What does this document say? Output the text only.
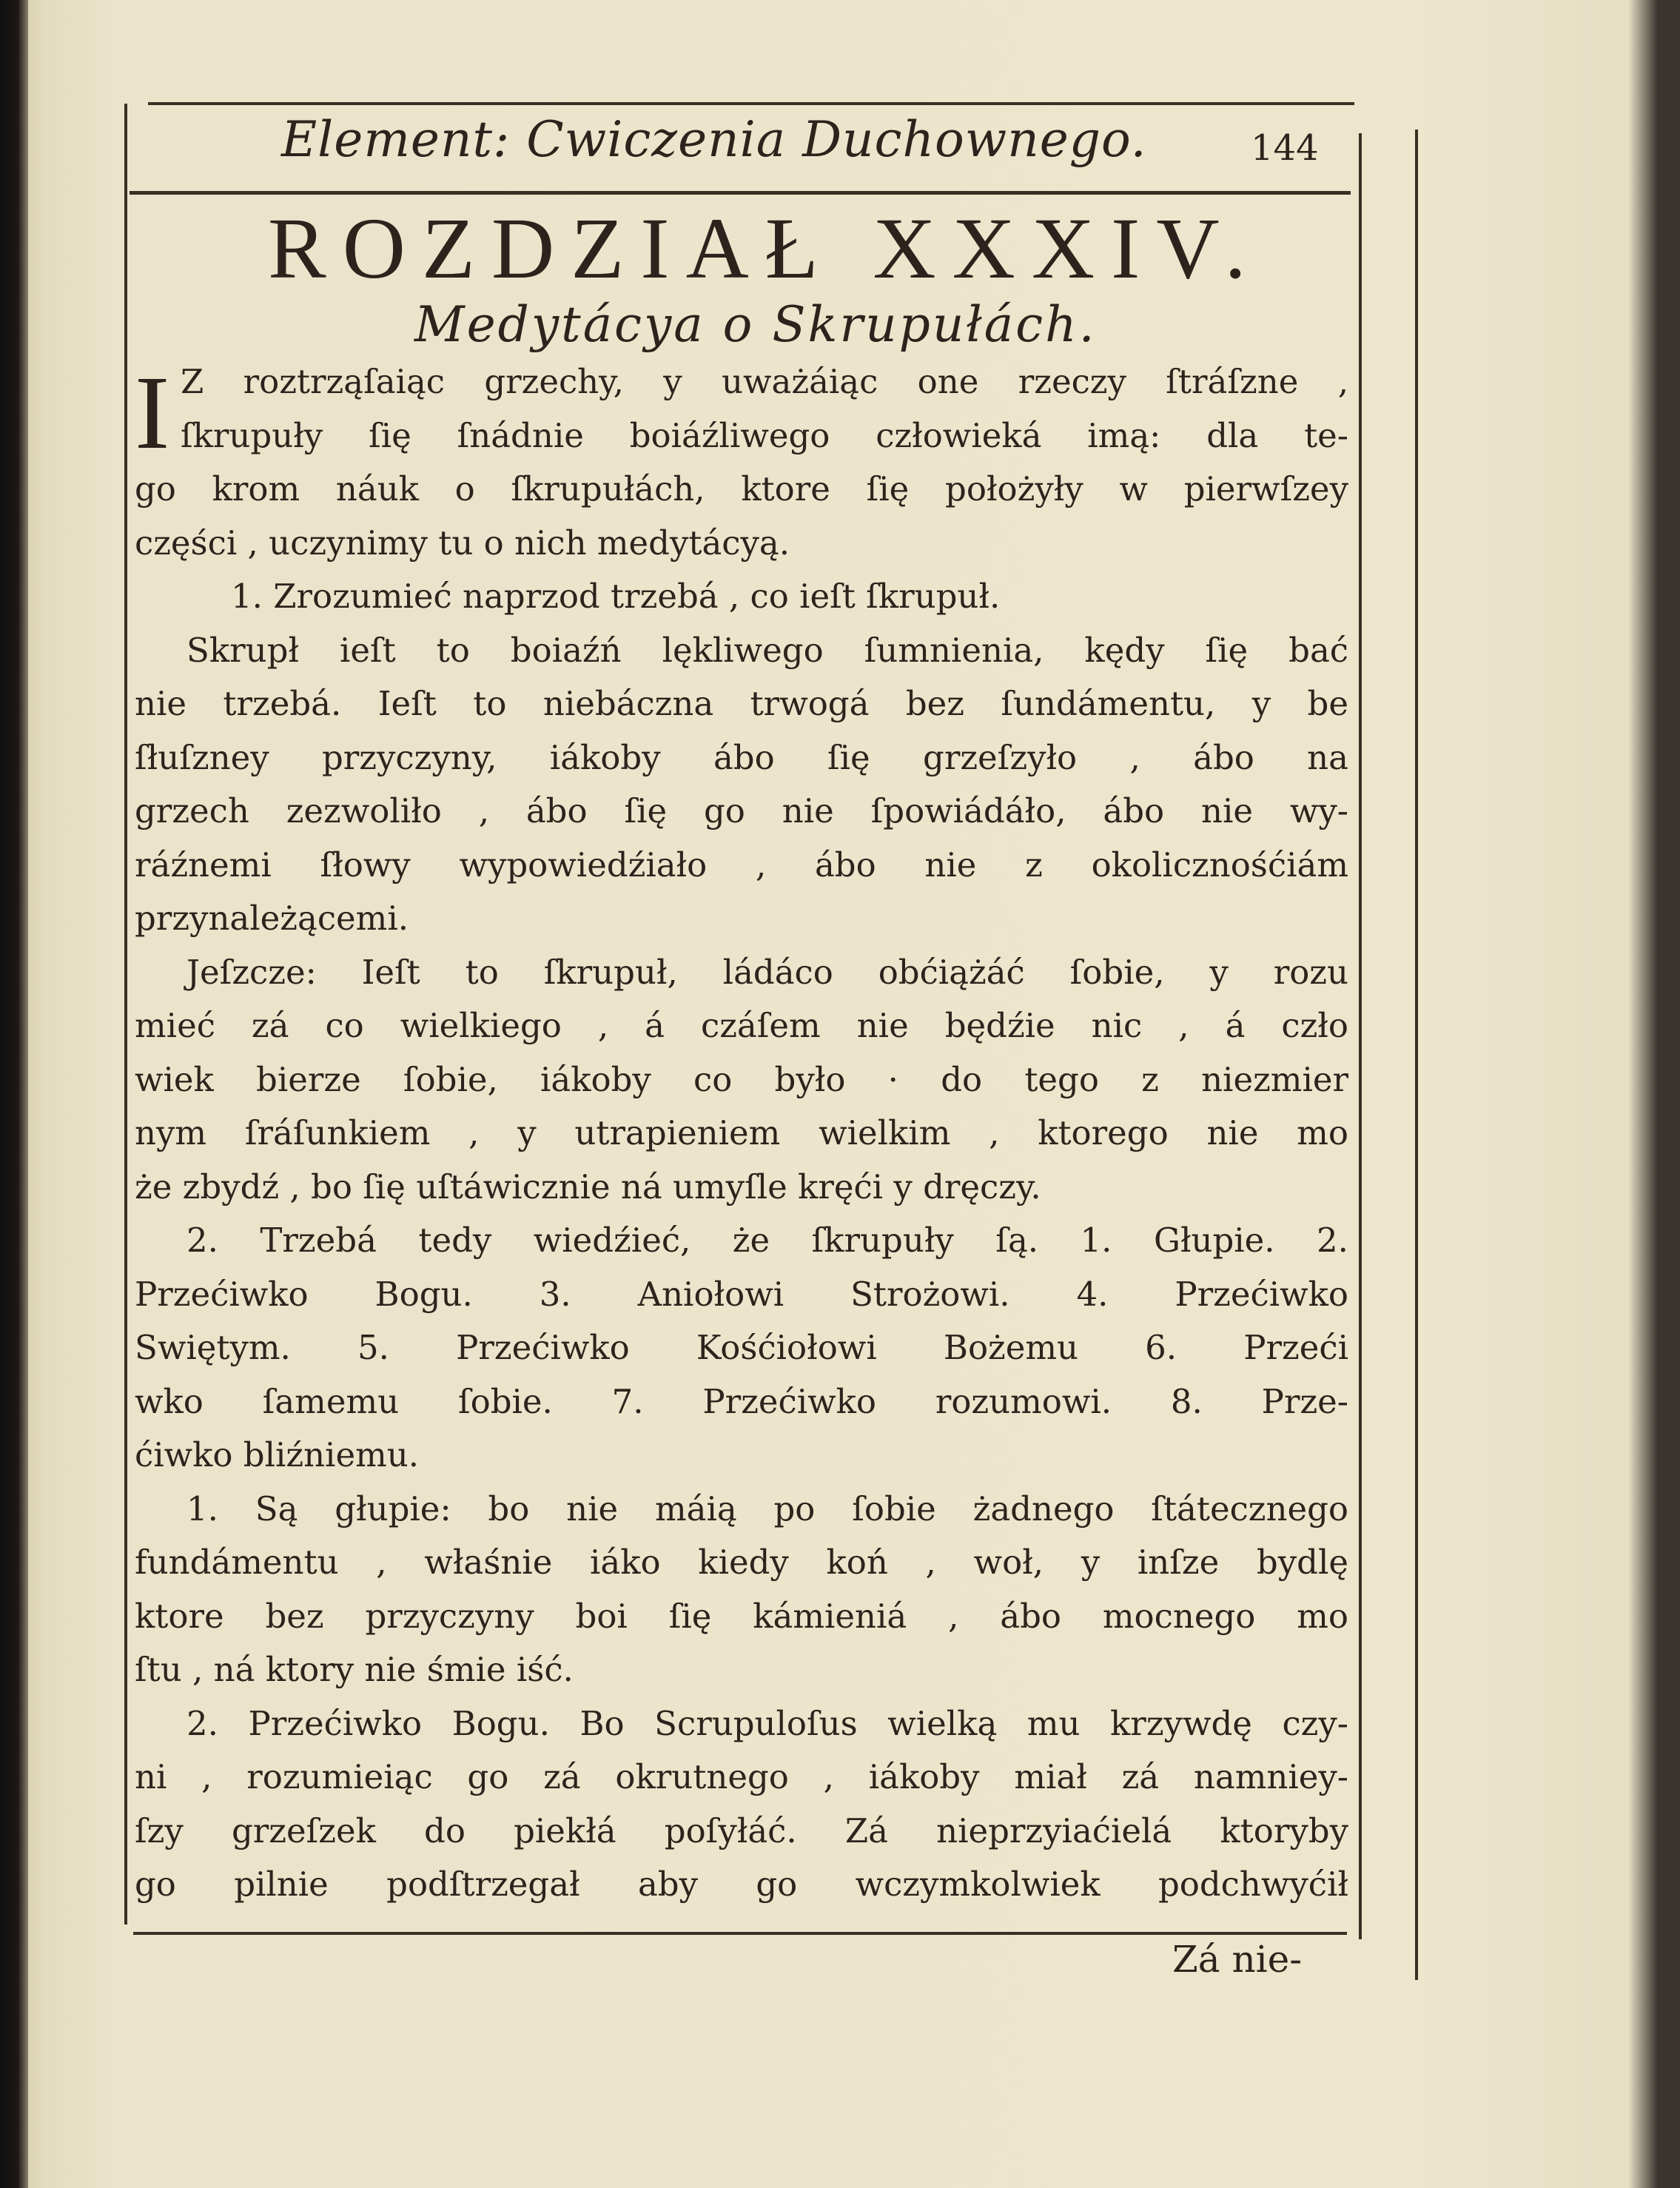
Element: Cwiczenia Duchownego.	144
ROZDZIAŁ XXXIV.
Medytácya o Skrupułách.
I Z roztrząſaiąc grzechy, y uważáiąc one rzeczy ſtráſzne ,
ſkrupuły ſię ſnádnie boiáźliwego człowieká imą: dla te-
go krom náuk o ſkrupułách, ktore ſię położyły w pierwſzey
części , uczynimy tu o nich medytácyą.
1. Zrozumieć naprzod trzebá , co ieſt ſkrupuł.
Skrupł ieſt to boiaźń lękliwego ſumnienia, kędy ſię bać
nie trzebá. Ieſt to niebáczna trwogá bez ſundámentu, y be
ſłuſzney przyczyny, iákoby ábo ſię grzeſzyło , ábo na
grzech zezwoliło , ábo ſię go nie ſpowiádáło, ábo nie wy-
ráźnemi ſłowy wypowiedźiało , ábo nie z okolicznośćiám
przynależącemi.
Jeſzcze: Ieſt to ſkrupuł, ládáco obćiążáć ſobie, y rozu
mieć zá co wielkiego , á czáſem nie będźie nic , á czło
wiek bierze ſobie, iákoby co było · do tego z niezmier
nym ſráſunkiem , y utrapieniem wielkim , ktorego nie mo
że zbydź , bo ſię uſtáwicznie ná umyſle kręći y dręczy.
2. Trzebá tedy wiedźieć, że ſkrupuły ſą. 1. Głupie. 2.
Przećiwko Bogu. 3. Aniołowi Strożowi. 4. Przećiwko
Swiętym. 5. Przećiwko Kośćiołowi Bożemu 6. Przeći
wko ſamemu ſobie. 7. Przećiwko rozumowi. 8. Prze-
ćiwko bliźniemu.
1. Są głupie: bo nie máią po ſobie żadnego ſtátecznego
fundámentu , właśnie iáko kiedy koń , woł, y inſze bydlę
ktore bez przyczyny boi ſię kámieniá , ábo mocnego mo
ſtu , ná ktory nie śmie iść.
2. Przećiwko Bogu. Bo Scrupuloſus wielką mu krzywdę czy-
ni , rozumieiąc go zá okrutnego , iákoby miał zá namniey-
ſzy grzeſzek do piekłá poſyłáć. Zá nieprzyiaćielá ktoryby
go pilnie podſtrzegał aby go wczymkolwiek podchwyćił
Zá nie-
